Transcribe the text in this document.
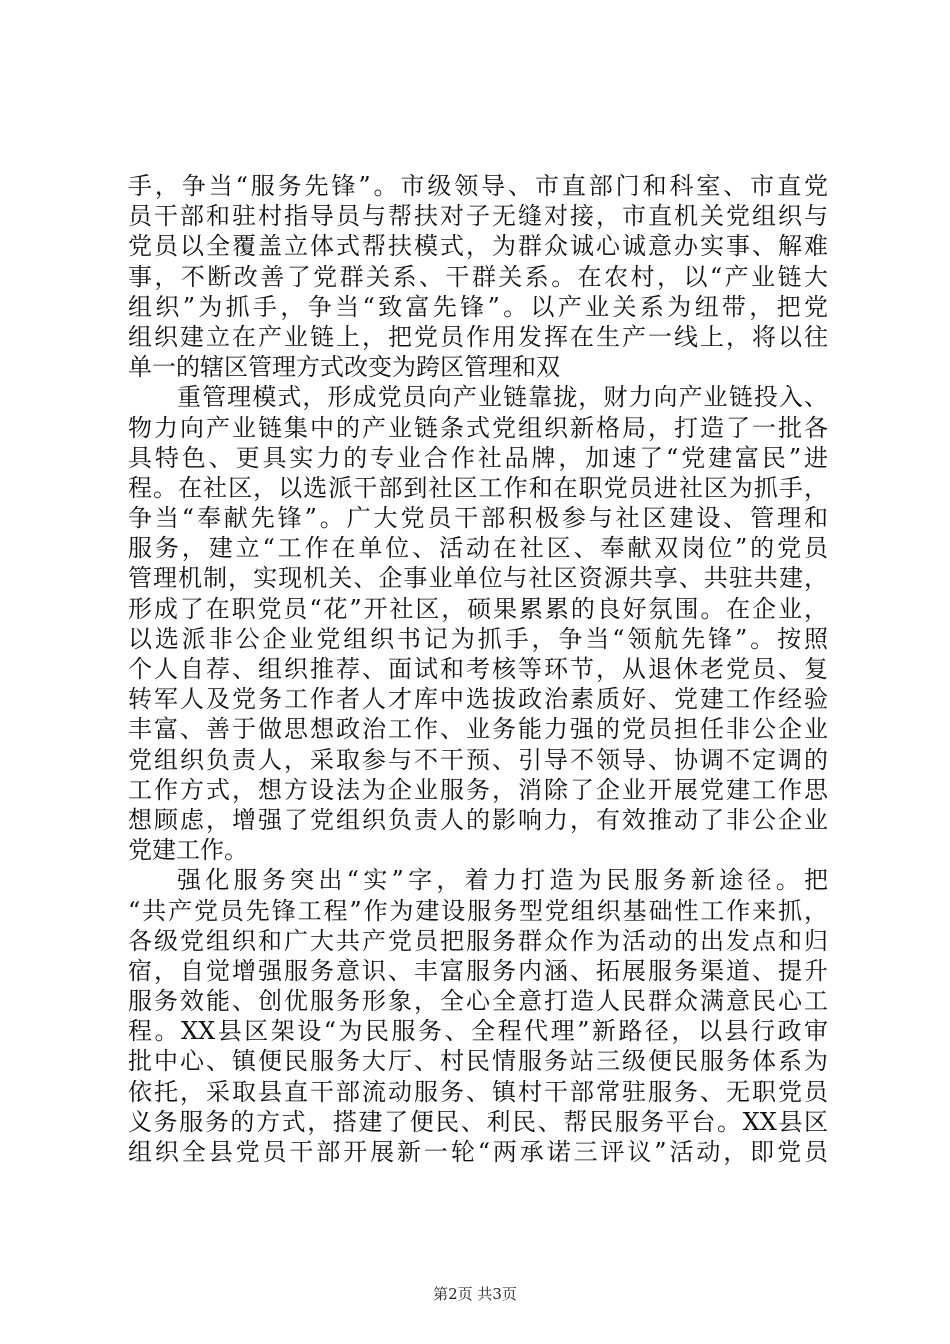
手，争当“服务先锋”。市级领导、市直部门和科室、市直党
员干部和驻村指导员与帮扶对子无缝对接，市直机关党组织与
党员以全覆盖立体式帮扶模式，为群众诚心诚意办实事、解难
事，不断改善了党群关系、干群关系。在农村，以“产业链大
组织”为抓手，争当“致富先锋”。以产业关系为纽带，把党
组织建立在产业链上，把党员作用发挥在生产一线上，将以往
单一的辖区管理方式改变为跨区管理和双
重管理模式，形成党员向产业链靠拢，财力向产业链投入、
物力向产业链集中的产业链条式党组织新格局，打造了一批各
具特色、更具实力的专业合作社品牌，加速了“党建富民”进
程。在社区，以选派干部到社区工作和在职党员进社区为抓手，
争当“奉献先锋”。广大党员干部积极参与社区建设、管理和
服务，建立“工作在单位、活动在社区、奉献双岗位”的党员
管理机制，实现机关、企事业单位与社区资源共享、共驻共建，
形成了在职党员“花”开社区，硕果累累的良好氛围。在企业，
以选派非公企业党组织书记为抓手，争当“领航先锋”。按照
个人自荐、组织推荐、面试和考核等环节，从退休老党员、复
转军人及党务工作者人才库中选拔政治素质好、党建工作经验
丰富、善于做思想政治工作、业务能力强的党员担任非公企业
党组织负责人，采取参与不干预、引导不领导、协调不定调的
工作方式，想方设法为企业服务，消除了企业开展党建工作思
想顾虑，增强了党组织负责人的影响力，有效推动了非公企业
党建工作。
强化服务突出“实”字，着力打造为民服务新途径。把
“共产党员先锋工程”作为建设服务型党组织基础性工作来抓，
各级党组织和广大共产党员把服务群众作为活动的出发点和归
宿，自觉增强服务意识、丰富服务内涵、拓展服务渠道、提升
服务效能、创优服务形象，全心全意打造人民群众满意民心工
程。XX县区架设“为民服务、全程代理”新路径，以县行政审
批中心、镇便民服务大厅、村民情服务站三级便民服务体系为
依托，采取县直干部流动服务、镇村干部常驻服务、无职党员
义务服务的方式，搭建了便民、利民、帮民服务平台。XX县区
组织全县党员干部开展新一轮“两承诺三评议”活动，即党员
第2页 共3页
